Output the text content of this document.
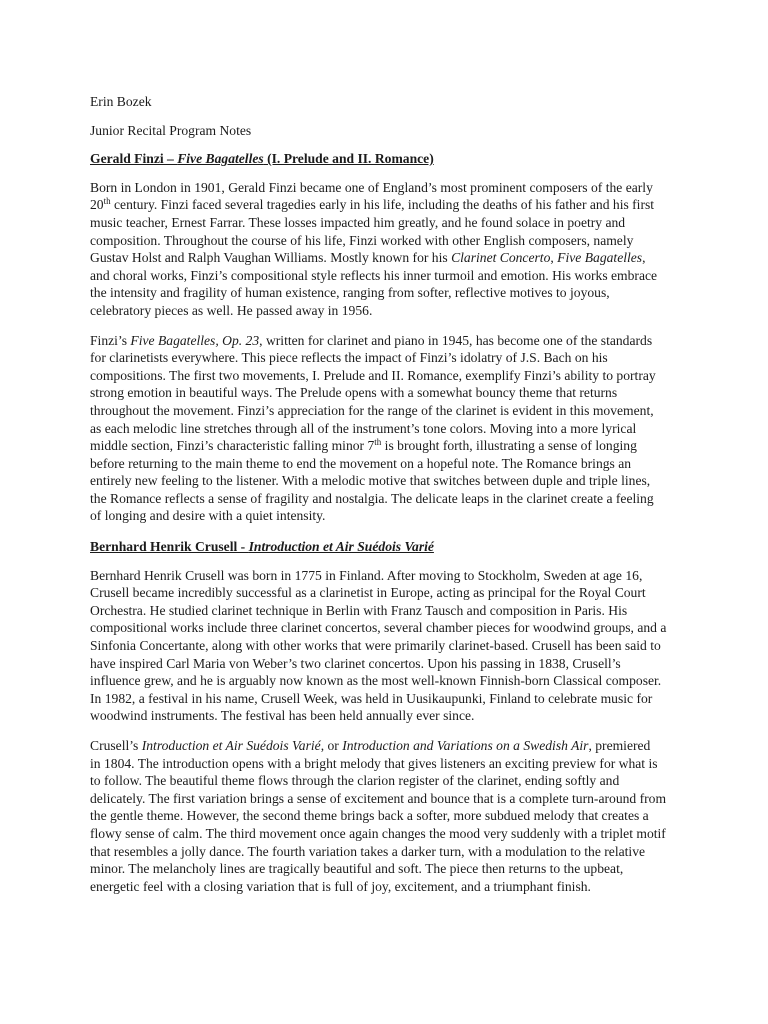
Erin Bozek

Junior Recital Program Notes

Gerald Finzi – Five Bagatelles (I. Prelude and II. Romance)

Born in London in 1901, Gerald Finzi became one of England’s most prominent composers of the early
20th century. Finzi faced several tragedies early in his life, including the deaths of his father and his first
music teacher, Ernest Farrar. These losses impacted him greatly, and he found solace in poetry and
composition. Throughout the course of his life, Finzi worked with other English composers, namely
Gustav Holst and Ralph Vaughan Williams. Mostly known for his Clarinet Concerto, Five Bagatelles,
and choral works, Finzi’s compositional style reflects his inner turmoil and emotion. His works embrace
the intensity and fragility of human existence, ranging from softer, reflective motives to joyous,
celebratory pieces as well. He passed away in 1956.

Finzi’s Five Bagatelles, Op. 23, written for clarinet and piano in 1945, has become one of the standards
for clarinetists everywhere. This piece reflects the impact of Finzi’s idolatry of J.S. Bach on his
compositions. The first two movements, I. Prelude and II. Romance, exemplify Finzi’s ability to portray
strong emotion in beautiful ways. The Prelude opens with a somewhat bouncy theme that returns
throughout the movement. Finzi’s appreciation for the range of the clarinet is evident in this movement,
as each melodic line stretches through all of the instrument’s tone colors. Moving into a more lyrical
middle section, Finzi’s characteristic falling minor 7th is brought forth, illustrating a sense of longing
before returning to the main theme to end the movement on a hopeful note. The Romance brings an
entirely new feeling to the listener. With a melodic motive that switches between duple and triple lines,
the Romance reflects a sense of fragility and nostalgia. The delicate leaps in the clarinet create a feeling
of longing and desire with a quiet intensity.

Bernhard Henrik Crusell - Introduction et Air Suédois Varié

Bernhard Henrik Crusell was born in 1775 in Finland. After moving to Stockholm, Sweden at age 16,
Crusell became incredibly successful as a clarinetist in Europe, acting as principal for the Royal Court
Orchestra. He studied clarinet technique in Berlin with Franz Tausch and composition in Paris. His
compositional works include three clarinet concertos, several chamber pieces for woodwind groups, and a
Sinfonia Concertante, along with other works that were primarily clarinet-based. Crusell has been said to
have inspired Carl Maria von Weber’s two clarinet concertos. Upon his passing in 1838, Crusell’s
influence grew, and he is arguably now known as the most well-known Finnish-born Classical composer.
In 1982, a festival in his name, Crusell Week, was held in Uusikaupunki, Finland to celebrate music for
woodwind instruments. The festival has been held annually ever since.

Crusell’s Introduction et Air Suédois Varié, or Introduction and Variations on a Swedish Air, premiered
in 1804. The introduction opens with a bright melody that gives listeners an exciting preview for what is
to follow. The beautiful theme flows through the clarion register of the clarinet, ending softly and
delicately. The first variation brings a sense of excitement and bounce that is a complete turn-around from
the gentle theme. However, the second theme brings back a softer, more subdued melody that creates a
flowy sense of calm. The third movement once again changes the mood very suddenly with a triplet motif
that resembles a jolly dance. The fourth variation takes a darker turn, with a modulation to the relative
minor. The melancholy lines are tragically beautiful and soft. The piece then returns to the upbeat,
energetic feel with a closing variation that is full of joy, excitement, and a triumphant finish.
